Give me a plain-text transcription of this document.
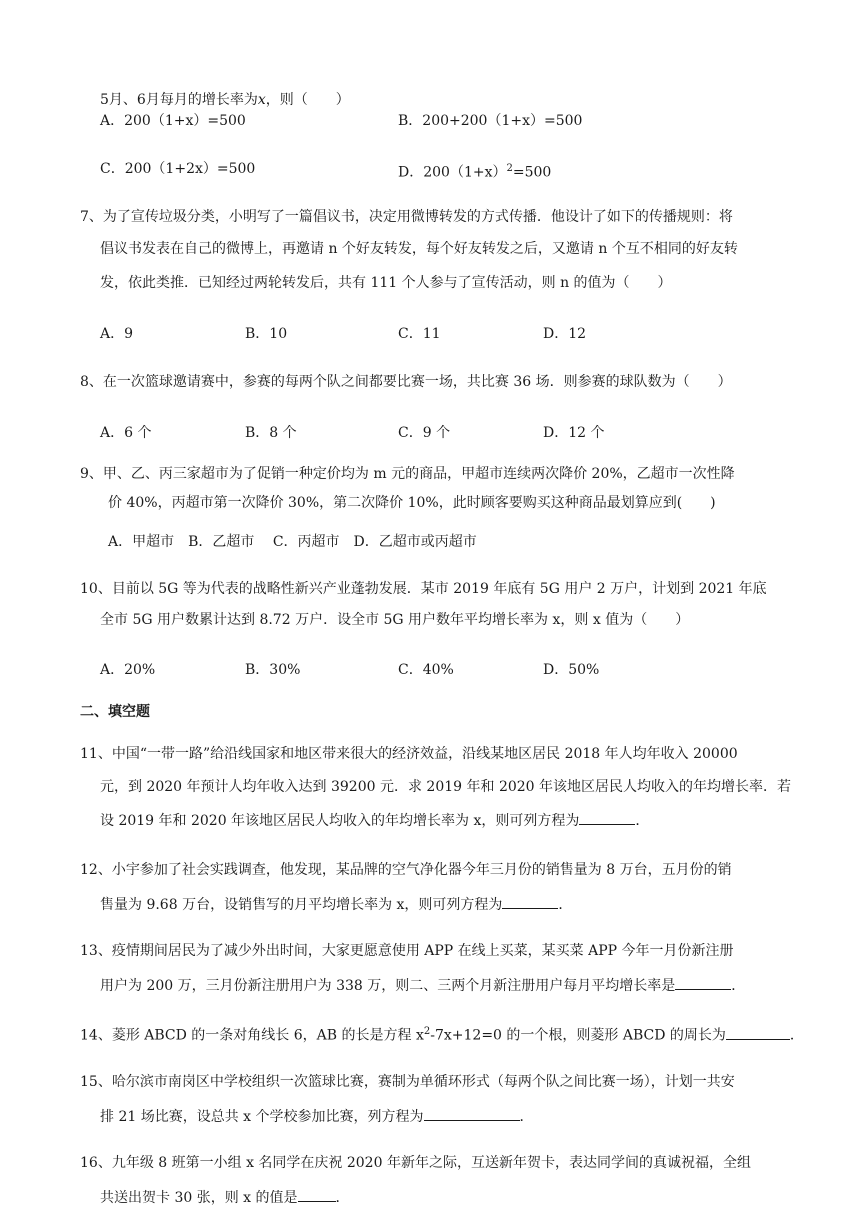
5月、6月每月的增长率为x，则（　　）
A．200（1+x）=500	B．200+200（1+x）=500
C．200（1+2x）=500	D．$200(1+x)^2=500$
7、为了宣传垃圾分类，小明写了一篇倡议书，决定用微博转发的方式传播．他设计了如下的传播规则：将
倡议书发表在自己的微博上，再邀请 n 个好友转发，每个好友转发之后，又邀请 n 个互不相同的好友转
发，依此类推．已知经过两轮转发后，共有 111 个人参与了宣传活动，则 n 的值为（　　）
A．9	B．10	C．11	D．12
8、在一次篮球邀请赛中，参赛的每两个队之间都要比赛一场，共比赛 36 场．则参赛的球队数为（　　）
A．6 个	B．8 个	C．9 个	D．12 个
9、甲、乙、丙三家超市为了促销一种定价均为 m 元的商品，甲超市连续两次降价 20%，乙超市一次性降
价 40%，丙超市第一次降价 30%，第二次降价 10%，此时顾客要购买这种商品最划算应到(　　)
A．甲超市　B．乙超市　 C．丙超市　D．乙超市或丙超市
10、目前以 5G 等为代表的战略性新兴产业蓬勃发展．某市 2019 年底有 5G 用户 2 万户，计划到 2021 年底
全市 5G 用户数累计达到 8.72 万户．设全市 5G 用户数年平均增长率为 x，则 x 值为（　　）
A．20%	B．30%	C．40%	D．50%
二、填空题
11、中国“一带一路”给沿线国家和地区带来很大的经济效益，沿线某地区居民 2018 年人均年收入 20000
元，到 2020 年预计人均年收入达到 39200 元．求 2019 年和 2020 年该地区居民人均收入的年均增长率．若
设 2019 年和 2020 年该地区居民人均收入的年均增长率为 x，则可列方程为	．
12、小宇参加了社会实践调查，他发现，某品牌的空气净化器今年三月份的销售量为 8 万台，五月份的销
售量为 9.68 万台，设销售写的月平均增长率为 x，则可列方程为	．
13、疫情期间居民为了减少外出时间，大家更愿意使用 APP 在线上买菜，某买菜 APP 今年一月份新注册
用户为 200 万，三月份新注册用户为 338 万，则二、三两个月新注册用户每月平均增长率是	．
14、菱形 ABCD 的一条对角线长 6，AB 的长是方程 $x^2-7x+12=0$ 的一个根，则菱形 ABCD 的周长为	．
15、哈尔滨市南岗区中学校组织一次篮球比赛，赛制为单循环形式（每两个队之间比赛一场），计划一共安
排 21 场比赛，设总共 x 个学校参加比赛，列方程为	．
16、九年级 8 班第一小组 x 名同学在庆祝 2020 年新年之际，互送新年贺卡，表达同学间的真诚祝福，全组
共送出贺卡 30 张，则 x 的值是	．
